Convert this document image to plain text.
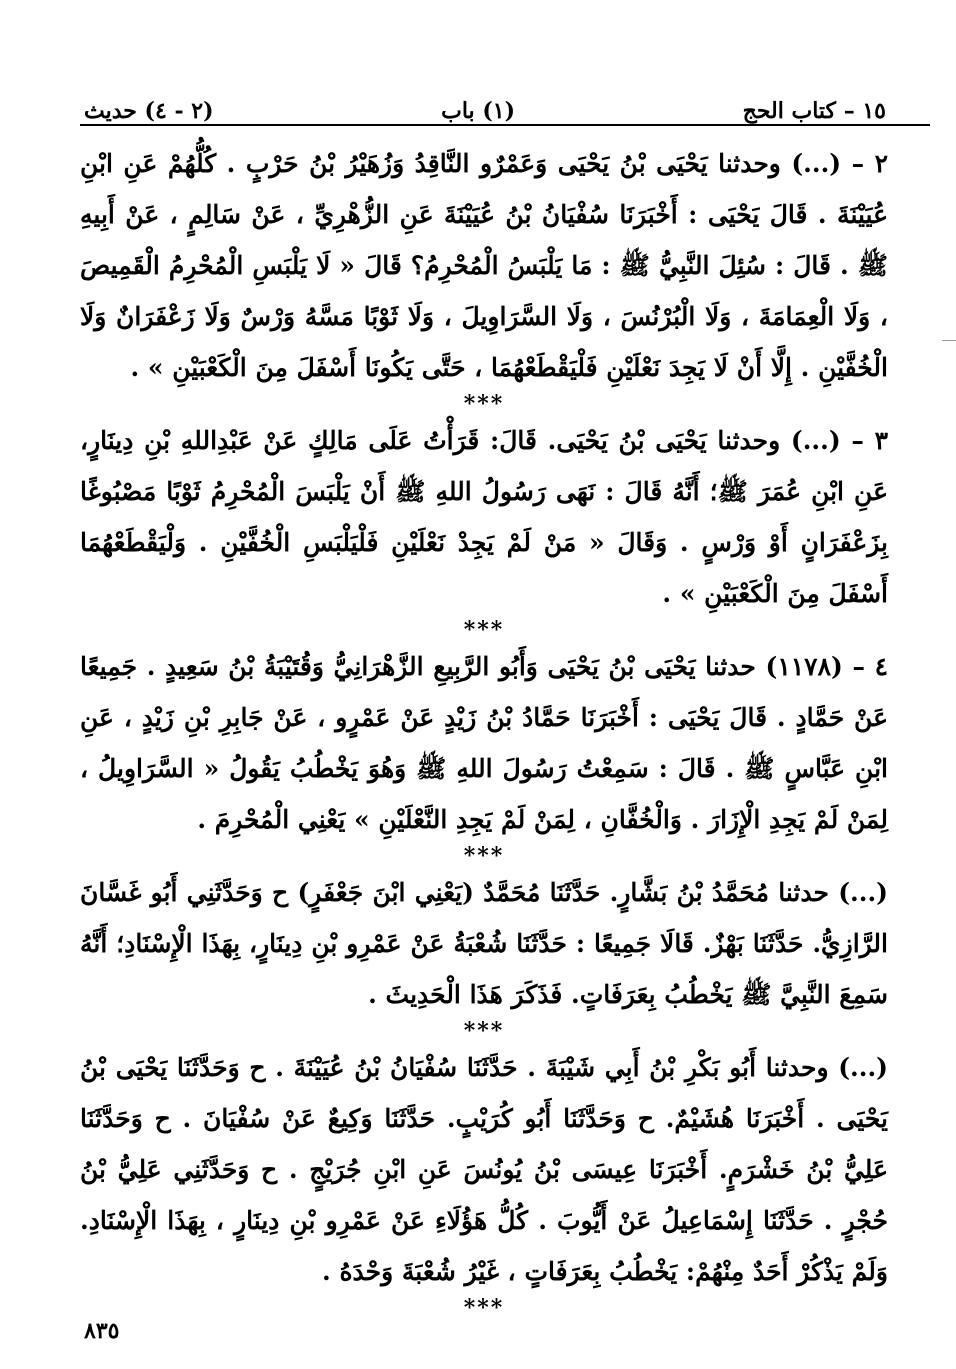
١٥ – كتاب الحج
(١) باب
(٢ - ٤) حديث

٢ – (...) وحدثنا يَحْيَى بْنُ يَحْيَى وَعَمْرٌو النَّاقِدُ وَزُهَيْرُ بْنُ حَرْبٍ . كُلُّهُمْ عَنِ ابْنِ عُيَيْنَةَ . قَالَ يَحْيَى : أَخْبَرَنَا سُفْيَانُ بْنُ عُيَيْنَةَ عَنِ الزُّهْرِيِّ ، عَنْ سَالِمٍ ، عَنْ أَبِيهِ ﷺ . قَالَ : سُئِلَ النَّبِيُّ ﷺ : مَا يَلْبَسُ الْمُحْرِمُ؟ قَالَ « لَا يَلْبَسِ الْمُحْرِمُ الْقَمِيصَ ، وَلَا الْعِمَامَةَ ، وَلَا الْبُرْنُسَ ، وَلَا السَّرَاوِيلَ ، وَلَا ثَوْبًا مَسَّهُ وَرْسٌ وَلَا زَعْفَرَانٌ وَلَا الْخُفَّيْنِ . إِلَّا أَنْ لَا يَجِدَ نَعْلَيْنِ فَلْيَقْطَعْهُمَا ، حَتَّى يَكُونَا أَسْفَلَ مِنَ الْكَعْبَيْنِ » .

***

٣ – (...) وحدثنا يَحْيَى بْنُ يَحْيَى. قَالَ: قَرَأْتُ عَلَى مَالِكٍ عَنْ عَبْدِاللهِ بْنِ دِينَارٍ، عَنِ ابْنِ عُمَرَ ﷺ؛ أَنَّهُ قَالَ : نَهَى رَسُولُ اللهِ ﷺ أَنْ يَلْبَسَ الْمُحْرِمُ ثَوْبًا مَصْبُوغًا بِزَعْفَرَانٍ أَوْ وَرْسٍ . وَقَالَ « مَنْ لَمْ يَجِدْ نَعْلَيْنِ فَلْيَلْبَسِ الْخُفَّيْنِ . وَلْيَقْطَعْهُمَا أَسْفَلَ مِنَ الْكَعْبَيْنِ » .

***

٤ – (١١٧٨) حدثنا يَحْيَى بْنُ يَحْيَى وَأَبُو الرَّبِيعِ الزَّهْرَانِيُّ وَقُتَيْبَةُ بْنُ سَعِيدٍ . جَمِيعًا عَنْ حَمَّادٍ . قَالَ يَحْيَى : أَخْبَرَنَا حَمَّادُ بْنُ زَيْدٍ عَنْ عَمْرٍو ، عَنْ جَابِرِ بْنِ زَيْدٍ ، عَنِ ابْنِ عَبَّاسٍ ﷺ . قَالَ : سَمِعْتُ رَسُولَ اللهِ ﷺ وَهُوَ يَخْطُبُ يَقُولُ « السَّرَاوِيلُ ، لِمَنْ لَمْ يَجِدِ الْإِزَارَ . وَالْخُفَّانِ ، لِمَنْ لَمْ يَجِدِ النَّعْلَيْنِ » يَعْنِي الْمُحْرِمَ .

***

(...) حدثنا مُحَمَّدُ بْنُ بَشَّارٍ. حَدَّثَنَا مُحَمَّدٌ (يَعْنِي ابْنَ جَعْفَرٍ) ح وَحَدَّثَنِي أَبُو غَسَّانَ الرَّازِيُّ. حَدَّثَنَا بَهْزٌ. قَالَا جَمِيعًا : حَدَّثَنَا شُعْبَةُ عَنْ عَمْرِو بْنِ دِينَارٍ، بِهَذَا الْإِسْنَادِ؛ أَنَّهُ سَمِعَ النَّبِيَّ ﷺ يَخْطُبُ بِعَرَفَاتٍ. فَذَكَرَ هَذَا الْحَدِيثَ .

***

(...) وحدثنا أَبُو بَكْرِ بْنُ أَبِي شَيْبَةَ . حَدَّثَنَا سُفْيَانُ بْنُ عُيَيْنَةَ . ح وَحَدَّثَنَا يَحْيَى بْنُ يَحْيَى . أَخْبَرَنَا هُشَيْمٌ. ح وَحَدَّثَنَا أَبُو كُرَيْبٍ. حَدَّثَنَا وَكِيعٌ عَنْ سُفْيَانَ . ح وَحَدَّثَنَا عَلِيُّ بْنُ خَشْرَمٍ. أَخْبَرَنَا عِيسَى بْنُ يُونُسَ عَنِ ابْنِ جُرَيْجٍ . ح وَحَدَّثَنِي عَلِيُّ بْنُ حُجْرٍ . حَدَّثَنَا إِسْمَاعِيلُ عَنْ أَيُّوبَ . كُلُّ هَؤُلَاءِ عَنْ عَمْرِو بْنِ دِينَارٍ ، بِهَذَا الْإِسْنَادِ. وَلَمْ يَذْكُرْ أَحَدٌ مِنْهُمْ: يَخْطُبُ بِعَرَفَاتٍ ، غَيْرُ شُعْبَةَ وَحْدَهُ .

***
٨٣٥
